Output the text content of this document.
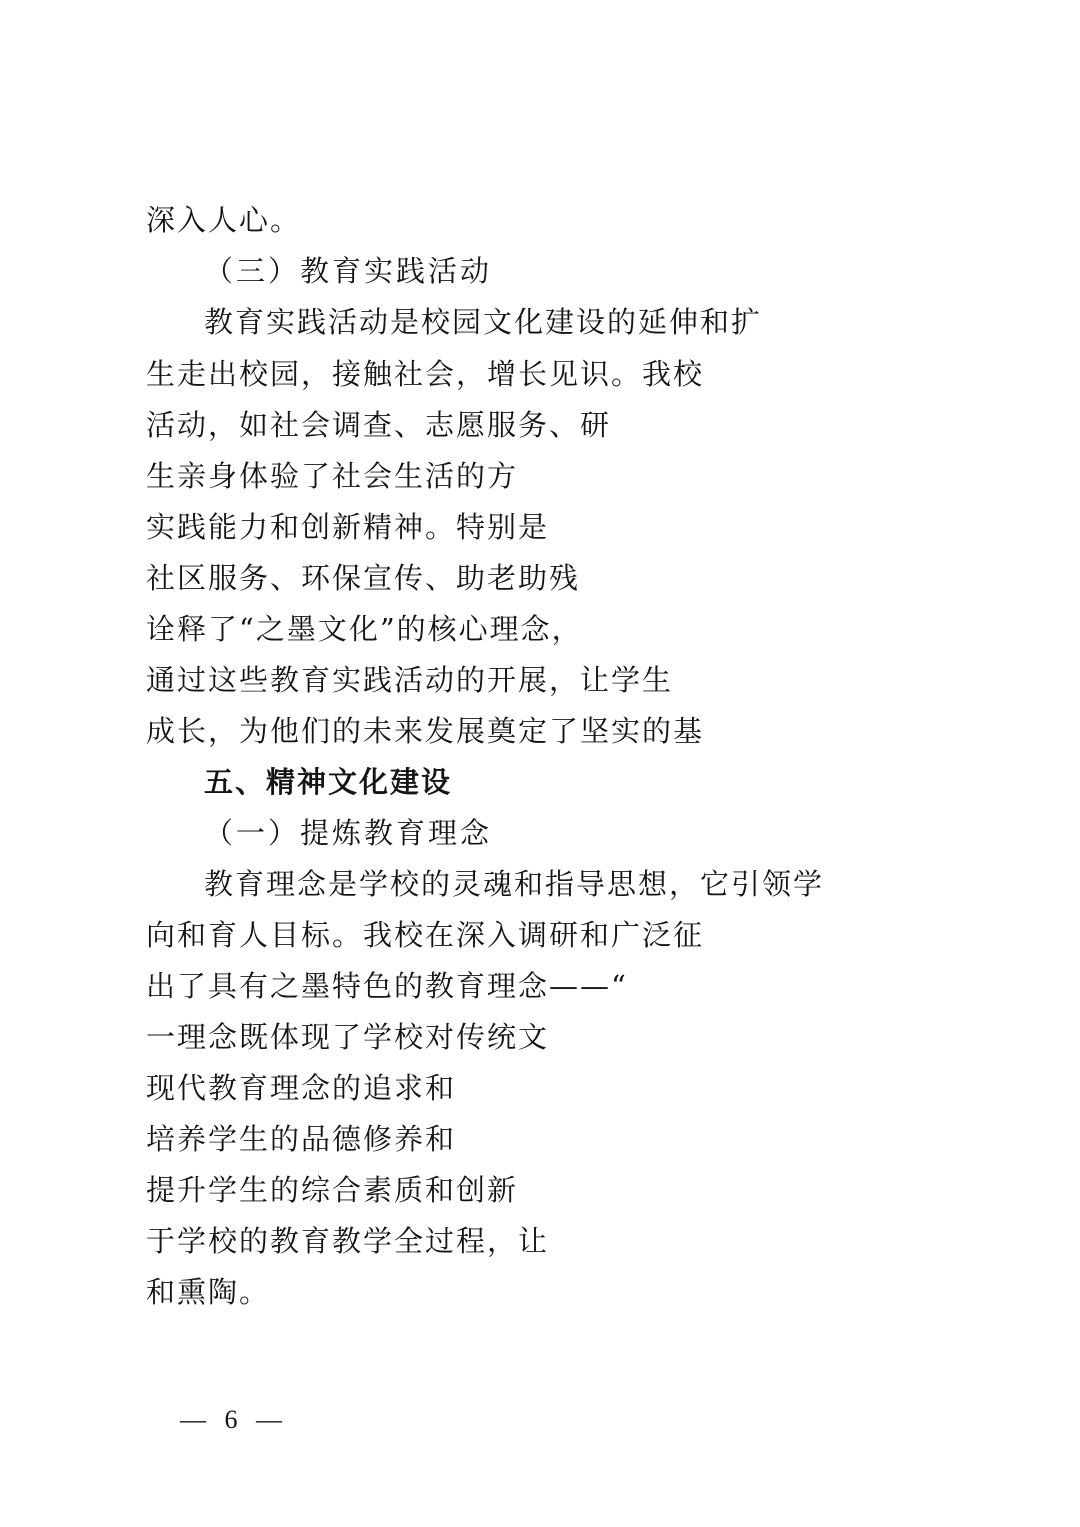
深入人心。
（三）教育实践活动
教育实践活动是校园文化建设的延伸和扩
生走出校园，接触社会，增长见识。我校
活动，如社会调查、志愿服务、研
生亲身体验了社会生活的方
实践能力和创新精神。特别是
社区服务、环保宣传、助老助残
诠释了“之墨文化”的核心理念，
通过这些教育实践活动的开展，让学生
成长，为他们的未来发展奠定了坚实的基
五、精神文化建设
（一）提炼教育理念
教育理念是学校的灵魂和指导思想，它引领学
向和育人目标。我校在深入调研和广泛征
出了具有之墨特色的教育理念——“
一理念既体现了学校对传统文
现代教育理念的追求和
培养学生的品德修养和
提升学生的综合素质和创新
于学校的教育教学全过程，让
和熏陶。
— 6 —
